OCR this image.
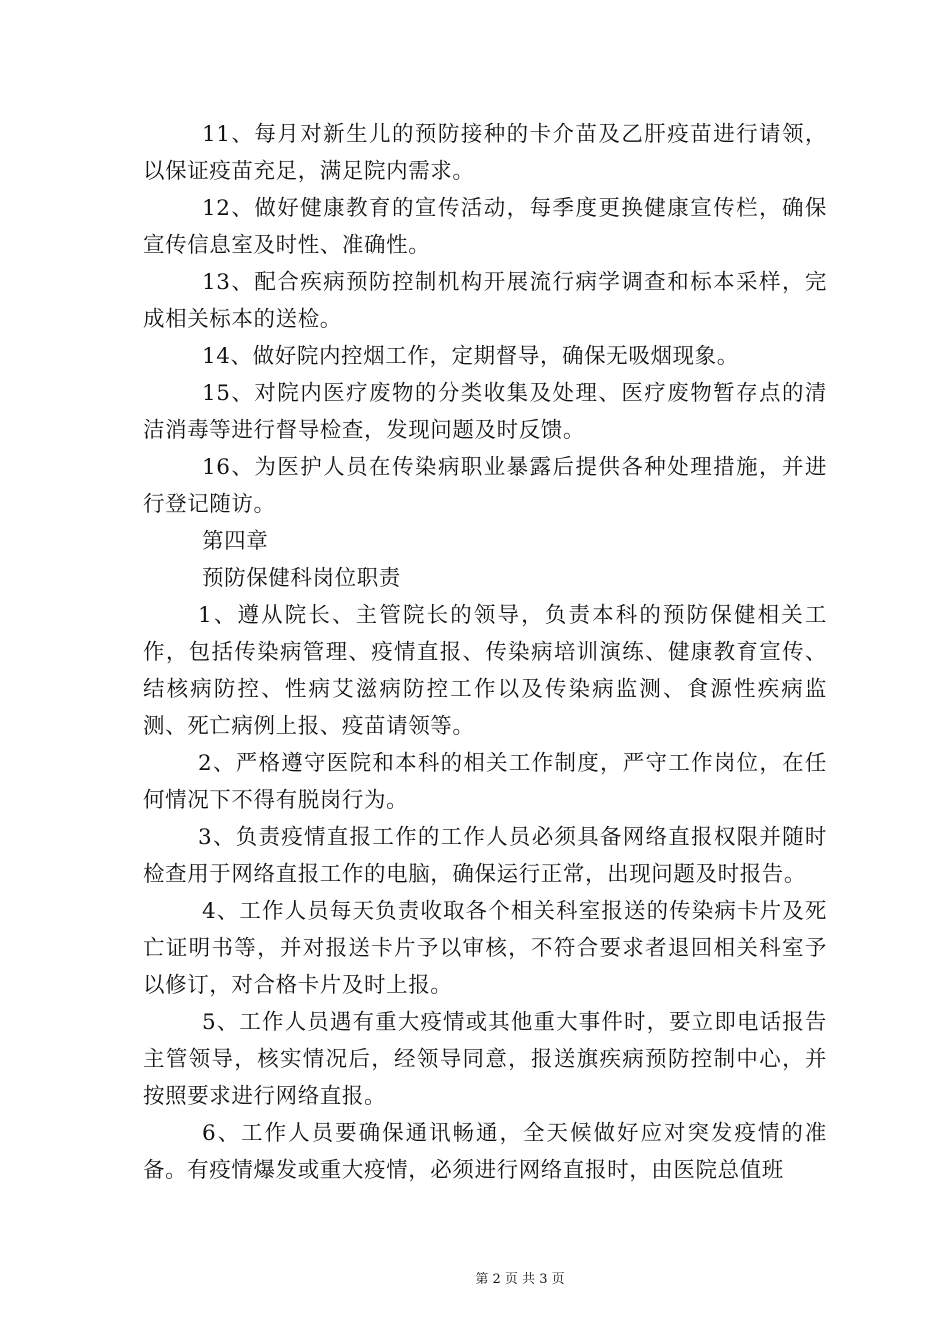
11、每月对新生儿的预防接种的卡介苗及乙肝疫苗进行请领，以保证疫苗充足，满足院内需求。

12、做好健康教育的宣传活动，每季度更换健康宣传栏，确保宣传信息室及时性、准确性。

13、配合疾病预防控制机构开展流行病学调查和标本采样，完成相关标本的送检。

14、做好院内控烟工作，定期督导，确保无吸烟现象。

15、对院内医疗废物的分类收集及处理、医疗废物暂存点的清洁消毒等进行督导检查，发现问题及时反馈。

16、为医护人员在传染病职业暴露后提供各种处理措施，并进行登记随访。

第四章

预防保健科岗位职责

1、遵从院长、主管院长的领导，负责本科的预防保健相关工作，包括传染病管理、疫情直报、传染病培训演练、健康教育宣传、结核病防控、性病艾滋病防控工作以及传染病监测、食源性疾病监测、死亡病例上报、疫苗请领等。

2、严格遵守医院和本科的相关工作制度，严守工作岗位，在任何情况下不得有脱岗行为。

3、负责疫情直报工作的工作人员必须具备网络直报权限并随时检查用于网络直报工作的电脑，确保运行正常，出现问题及时报告。

4、工作人员每天负责收取各个相关科室报送的传染病卡片及死亡证明书等，并对报送卡片予以审核，不符合要求者退回相关科室予以修订，对合格卡片及时上报。

5、工作人员遇有重大疫情或其他重大事件时，要立即电话报告主管领导，核实情况后，经领导同意，报送旗疾病预防控制中心，并按照要求进行网络直报。

6、工作人员要确保通讯畅通，全天候做好应对突发疫情的准备。有疫情爆发或重大疫情，必须进行网络直报时，由医院总值班

第 2 页 共 3 页
